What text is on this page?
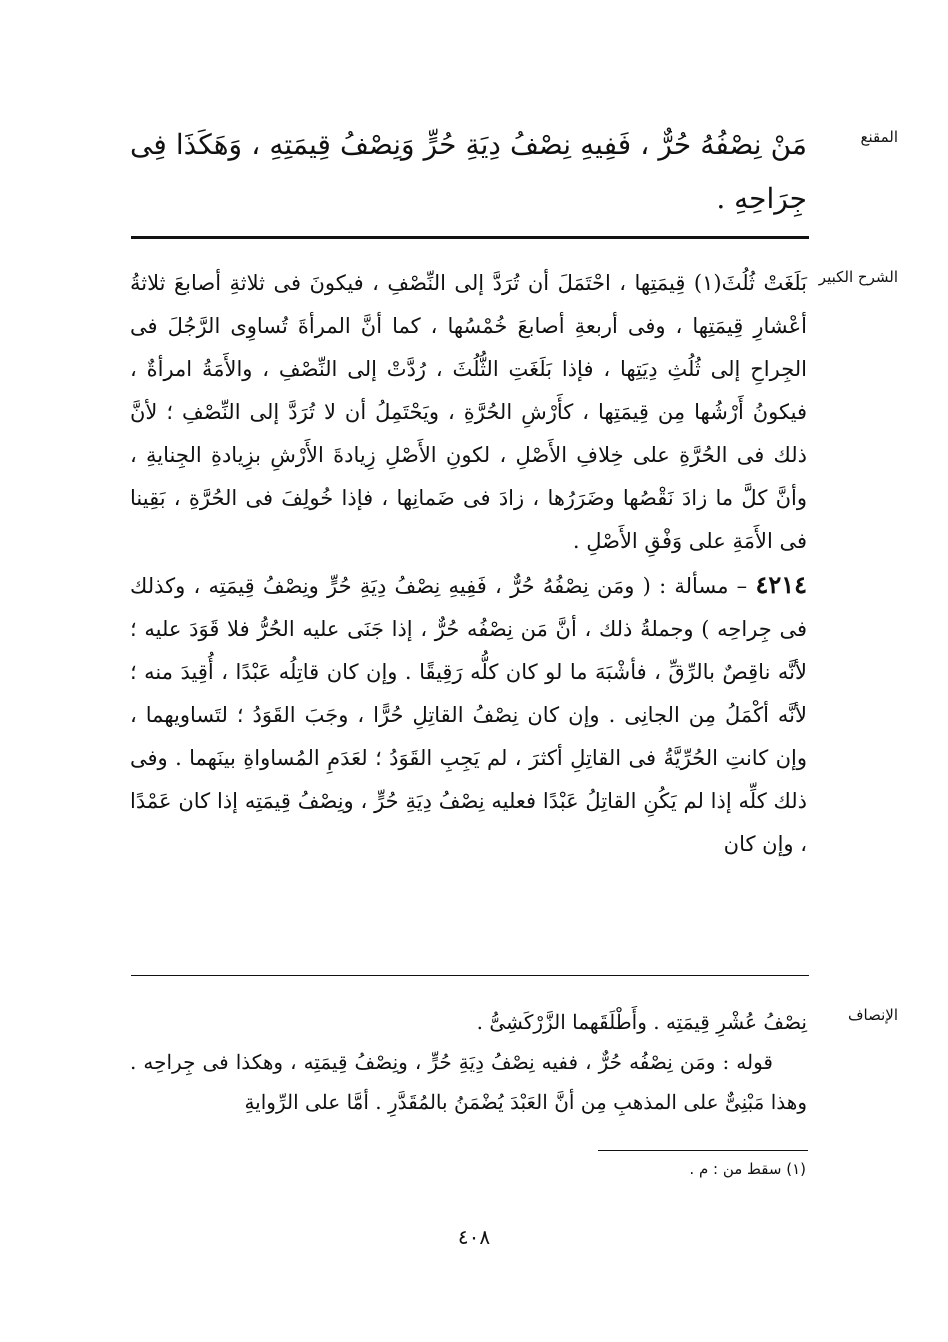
المقنع
مَنْ نِصْفُهُ حُرٌّ ، فَفِيهِ نِصْفُ دِيَةِ حُرٍّ وَنِصْفُ قِيمَتِهِ ، وَهَكَذَا فِى جِرَاحِهِ .
الشرح الكبير

بَلَغَتْ ثُلُثَ(١) قِيمَتِها ، احْتَمَلَ أن تُرَدَّ إلى النِّصْفِ ، فيكونَ فى ثلاثةِ أصابعَ ثلاثةُ أعْشارِ قِيمَتِها ، وفى أربعةِ أصابعَ خُمْسُها ، كما أنَّ المرأةَ تُساوِى الرَّجُلَ فى الجِراحِ إلى ثُلُثِ دِيَتِها ، فإذا بَلَغَتِ الثُّلُثَ ، رُدَّتْ إلى النِّصْفِ ، والأَمَةُ امرأةٌ ، فيكونُ أَرْشُها مِن قِيمَتِها ، كأَرْشِ الحُرَّةِ ، ويَحْتَمِلُ أن لا تُرَدَّ إلى النِّصْفِ ؛ لأنَّ ذلك فى الحُرَّةِ على خِلافِ الأَصْلِ ، لكونِ الأَصْلِ زِيادةَ الأَرْشِ بزِيادةِ الجِنايةِ ، وأنَّ كلَّ ما زادَ نَقْصُها وضَرَرُها ، زادَ فى ضَمانِها ، فإذا خُولِفَ فى الحُرَّةِ ، بَقِينا فى الأَمَةِ على وَفْقِ الأَصْلِ .

٤٢١٤ – مسألة : ( ومَن نِصْفُهُ حُرٌّ ، فَفِيهِ نِصْفُ دِيَةِ حُرٍّ ونِصْفُ قِيمَتِه ، وكذلك فى جِراحِه ) وجملةُ ذلك ، أنَّ مَن نِصْفُه حُرٌّ ، إذا جَنَى عليه الحُرُّ فلا قَوَدَ عليه ؛ لأنَّه ناقِصٌ بالرِّقِّ ، فأشْبَهَ ما لو كان كلُّه رَقِيقًا . وإن كان قاتِلُه عَبْدًا ، أُقِيدَ منه ؛ لأنَّه أكْمَلُ مِن الجانِى . وإن كان نِصْفُ القاتِلِ حُرًّا ، وجَبَ القَوَدُ ؛ لتَساويهما ، وإن كانتِ الحُرِّيَّةُ فى القاتِلِ أكثرَ ، لم يَجِبِ القَوَدُ ؛ لعَدَمِ المُساواةِ بينَهما . وفى ذلك كلِّه إذا لم يَكُنِ القاتِلُ عَبْدًا فعليه نِصْفُ دِيَةِ حُرٍّ ، ونِصْفُ قِيمَتِه إذا كان عَمْدًا ، وإن كان

الإنصاف

نِصْفُ عُشْرِ قِيمَتِه . وأَطْلَقَهما الزَّرْكَشِىُّ .

قوله : ومَن نِصْفُه حُرٌّ ، ففيه نِصْفُ دِيَةِ حُرٍّ ، ونِصْفُ قِيمَتِه ، وهكذا فى جِراحِه . وهذا مَبْنِىٌّ على المذهبِ مِن أنَّ العَبْدَ يُضْمَنُ بالمُقَدَّرِ . أمَّا على الرِّوايةِ

(١) سقط من : م .
٤٠٨
